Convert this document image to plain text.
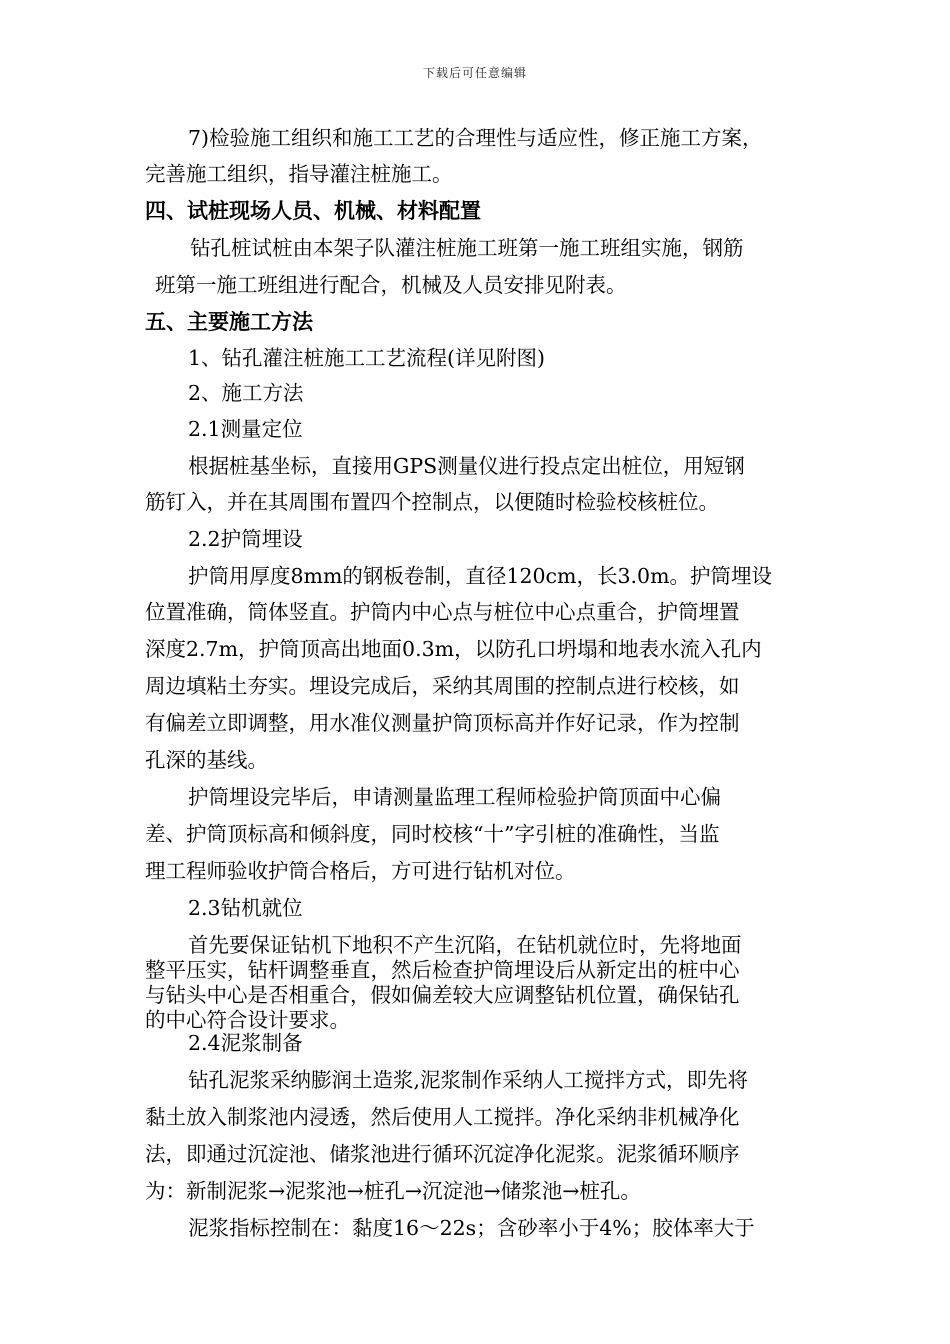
下载后可任意编辑
7)检验施工组织和施工工艺的合理性与适应性，修正施工方案，
完善施工组织，指导灌注桩施工。
四、试桩现场人员、机械、材料配置
钻孔桩试桩由本架子队灌注桩施工班第一施工班组实施，钢筋
班第一施工班组进行配合，机械及人员安排见附表。
五、主要施工方法
1、钻孔灌注桩施工工艺流程(详见附图)
2、施工方法
2.1测量定位
根据桩基坐标，直接用GPS测量仪进行投点定出桩位，用短钢
筋钉入，并在其周围布置四个控制点，以便随时检验校核桩位。
2.2护筒埋设
护筒用厚度8mm的钢板卷制，直径120cm，长3.0m。护筒埋设
位置准确，筒体竖直。护筒内中心点与桩位中心点重合，护筒埋置
深度2.7m，护筒顶高出地面0.3m，以防孔口坍塌和地表水流入孔内
周边填粘土夯实。埋设完成后，采纳其周围的控制点进行校核，如
有偏差立即调整，用水准仪测量护筒顶标高并作好记录，作为控制
孔深的基线。
护筒埋设完毕后，申请测量监理工程师检验护筒顶面中心偏
差、护筒顶标高和倾斜度，同时校核“十”字引桩的准确性，当监
理工程师验收护筒合格后，方可进行钻机对位。
2.3钻机就位
首先要保证钻机下地积不产生沉陷，在钻机就位时，先将地面
整平压实，钻杆调整垂直，然后检查护筒埋设后从新定出的桩中心
与钻头中心是否相重合，假如偏差较大应调整钻机位置，确保钻孔
的中心符合设计要求。
2.4泥浆制备
钻孔泥浆采纳膨润土造浆,泥浆制作采纳人工搅拌方式，即先将
黏土放入制浆池内浸透，然后使用人工搅拌。净化采纳非机械净化
法，即通过沉淀池、储浆池进行循环沉淀净化泥浆。泥浆循环顺序
为：新制泥浆→泥浆池→桩孔→沉淀池→储浆池→桩孔。
泥浆指标控制在：黏度16～22s；含砂率小于4%；胶体率大于
